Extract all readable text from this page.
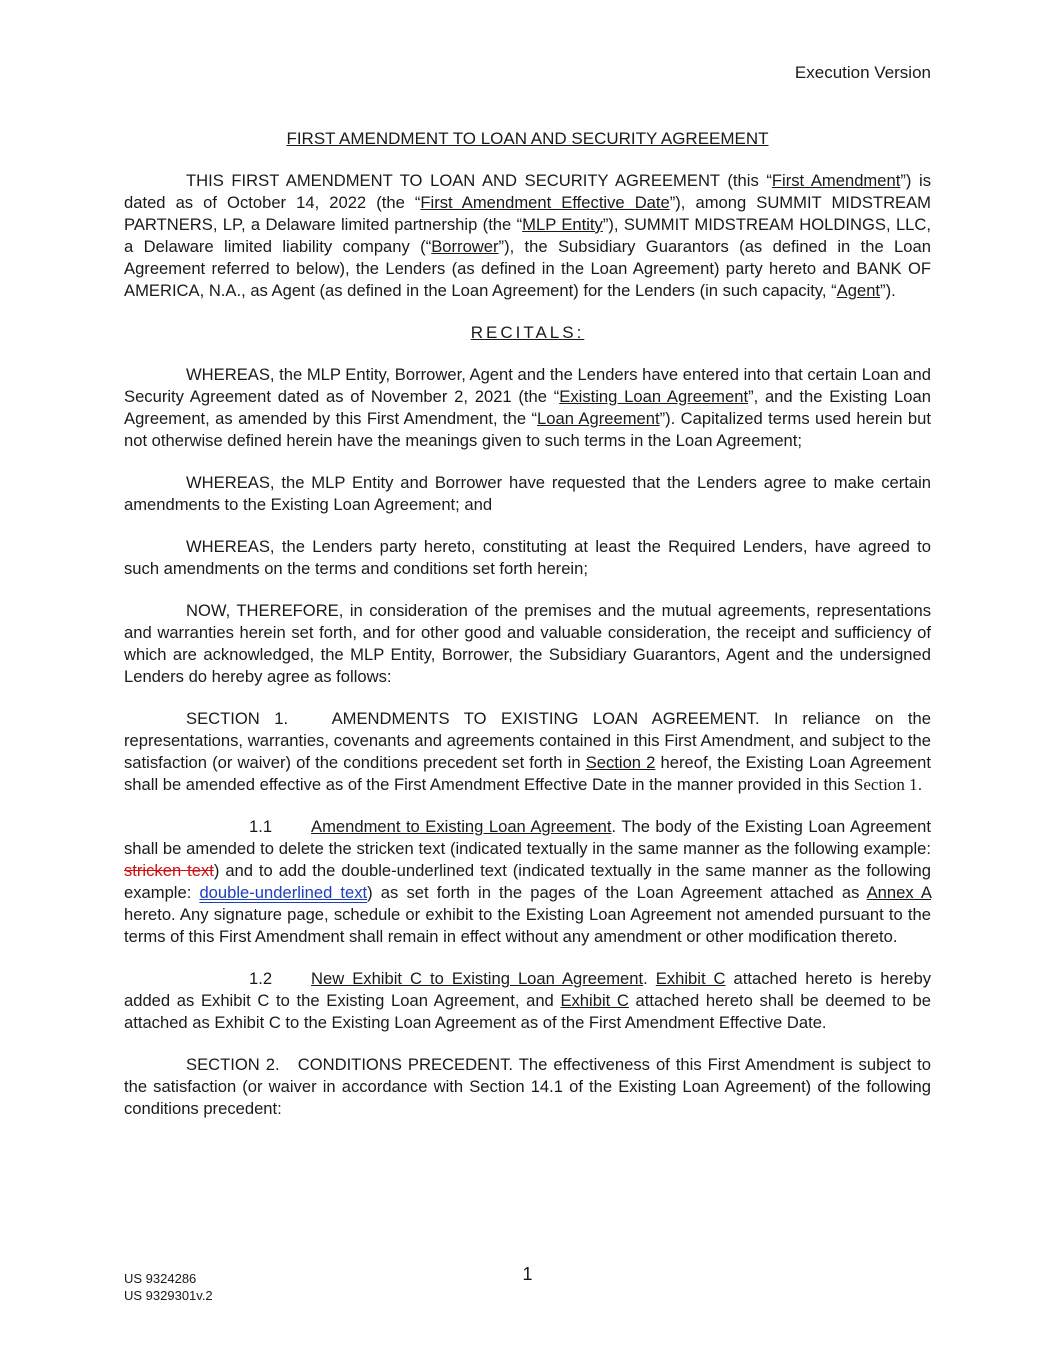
Execution Version
FIRST AMENDMENT TO LOAN AND SECURITY AGREEMENT

THIS FIRST AMENDMENT TO LOAN AND SECURITY AGREEMENT (this “First Amendment”) is dated as of October 14, 2022 (the “First Amendment Effective Date”), among SUMMIT MIDSTREAM PARTNERS, LP, a Delaware limited partnership (the “MLP Entity”), SUMMIT MIDSTREAM HOLDINGS, LLC, a Delaware limited liability company (“Borrower”), the Subsidiary Guarantors (as defined in the Loan Agreement referred to below), the Lenders (as defined in the Loan Agreement) party hereto and BANK OF AMERICA, N.A., as Agent (as defined in the Loan Agreement) for the Lenders (in such capacity, “Agent”).

RECITALS:

WHEREAS, the MLP Entity, Borrower, Agent and the Lenders have entered into that certain Loan and Security Agreement dated as of November 2, 2021 (the “Existing Loan Agreement”, and the Existing Loan Agreement, as amended by this First Amendment, the “Loan Agreement”). Capitalized terms used herein but not otherwise defined herein have the meanings given to such terms in the Loan Agreement;

WHEREAS, the MLP Entity and Borrower have requested that the Lenders agree to make certain amendments to the Existing Loan Agreement; and

WHEREAS, the Lenders party hereto, constituting at least the Required Lenders, have agreed to such amendments on the terms and conditions set forth herein;

NOW, THEREFORE, in consideration of the premises and the mutual agreements, representations and warranties herein set forth, and for other good and valuable consideration, the receipt and sufficiency of which are acknowledged, the MLP Entity, Borrower, the Subsidiary Guarantors, Agent and the undersigned Lenders do hereby agree as follows:

SECTION 1.	AMENDMENTS TO EXISTING LOAN AGREEMENT. In reliance on the representations, warranties, covenants and agreements contained in this First Amendment, and subject to the satisfaction (or waiver) of the conditions precedent set forth in Section 2 hereof, the Existing Loan Agreement shall be amended effective as of the First Amendment Effective Date in the manner provided in this Section 1.

1.1 Amendment to Existing Loan Agreement. The body of the Existing Loan Agreement shall be amended to delete the stricken text (indicated textually in the same manner as the following example: stricken text) and to add the double-underlined text (indicated textually in the same manner as the following example: double-underlined text) as set forth in the pages of the Loan Agreement attached as Annex A hereto. Any signature page, schedule or exhibit to the Existing Loan Agreement not amended pursuant to the terms of this First Amendment shall remain in effect without any amendment or other modification thereto.

1.2 New Exhibit C to Existing Loan Agreement. Exhibit C attached hereto is hereby added as Exhibit C to the Existing Loan Agreement, and Exhibit C attached hereto shall be deemed to be attached as Exhibit C to the Existing Loan Agreement as of the First Amendment Effective Date.

SECTION 2. CONDITIONS PRECEDENT. The effectiveness of this First Amendment is subject to the satisfaction (or waiver in accordance with Section 14.1 of the Existing Loan Agreement) of the following conditions precedent:

1
US 9324286
US 9329301v.2
